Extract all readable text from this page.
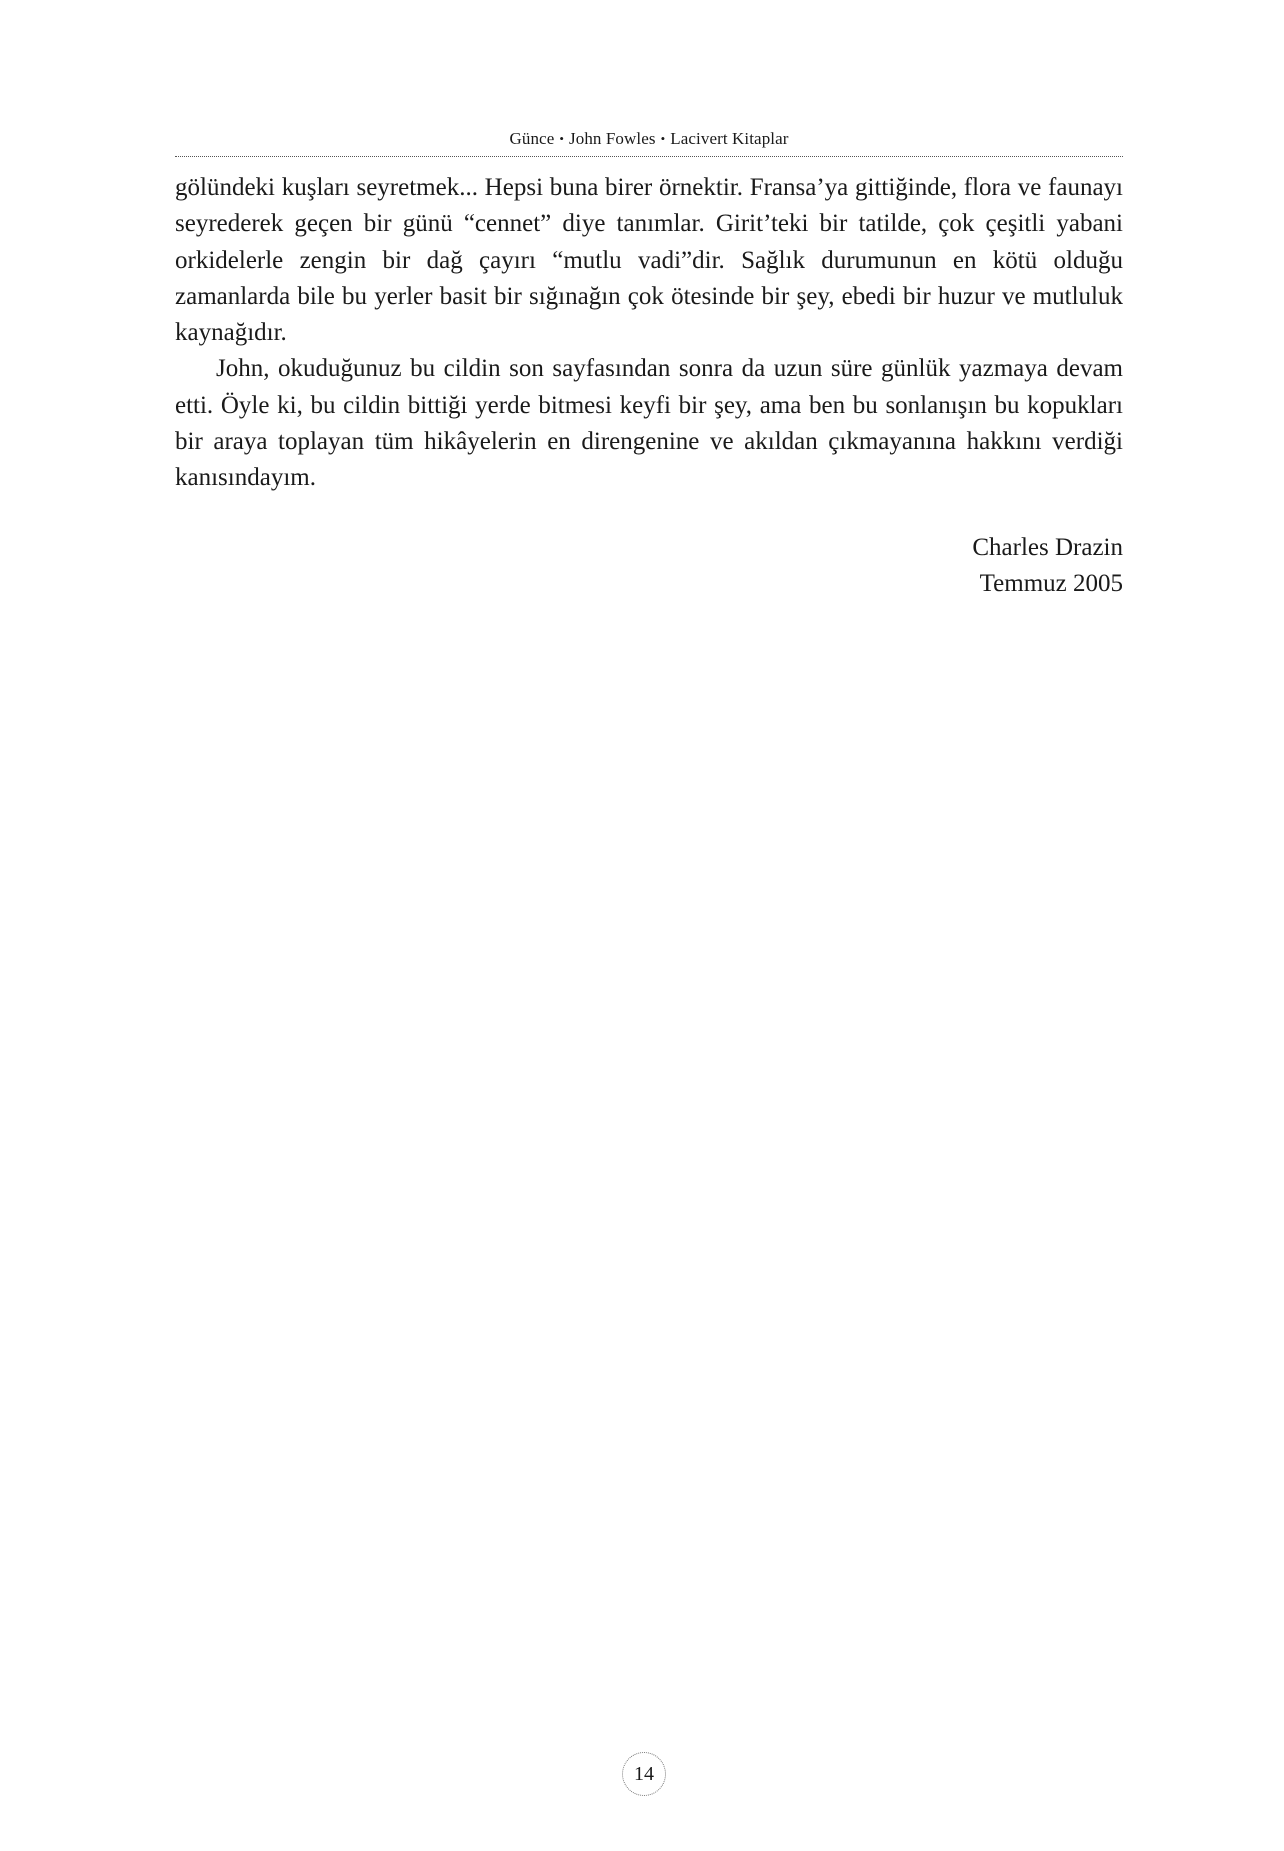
Günce • John Fowles • Lacivert Kitaplar

gölündeki kuşları seyretmek... Hepsi buna birer örnektir. Fransa’ya gittiğinde, flora ve faunayı seyrederek geçen bir günü “cennet” diye tanımlar. Girit’teki bir tatilde, çok çeşitli yabani orkidelerle zengin bir dağ çayırı “mutlu vadi”dir. Sağlık durumunun en kötü olduğu zamanlarda bile bu yerler basit bir sığınağın çok ötesinde bir şey, ebedi bir huzur ve mutluluk kaynağıdır.

John, okuduğunuz bu cildin son sayfasından sonra da uzun süre günlük yazmaya devam etti. Öyle ki, bu cildin bittiği yerde bitmesi keyfi bir şey, ama ben bu sonlanışın bu kopukları bir araya toplayan tüm hikâyelerin en direngenine ve akıldan çıkmayanına hakkını verdiği kanısındayım.

Charles Drazin
Temmuz 2005
14
